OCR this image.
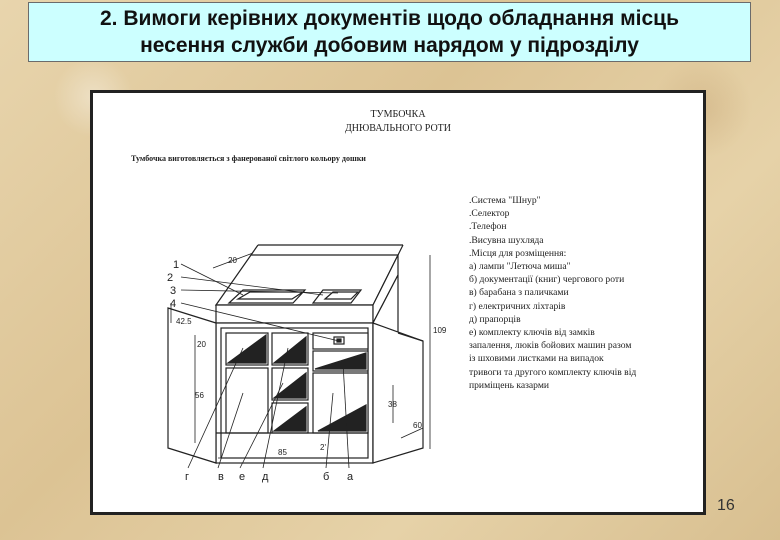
2. Вимоги керівних документів щодо обладнання місць
несення служби добовим нарядом у підрозділу
ТУМБОЧКА
ДНЮВАЛЬНОГО РОТИ
Тумбочка виготовляється з фанерованої світлого кольору дошки
.Система "Шнур"
.Селектор
.Телефон
.Висувна шухляда
.Місця для розміщення:
а) лампи "Летюча миша"
б) документації (книг) чергового роти
в) барабана з паличками
г) електричних ліхтарів
д) прапорців
е) комплекту ключів від замків
запалення, люків бойових машин разом
із шховими листками на випадок
тривоги та другого комплекту ключів від
приміщень казарми
1
2
3
4
20
42.5
20
56
85
2'
109
38
60
г	в е д	б а
16
